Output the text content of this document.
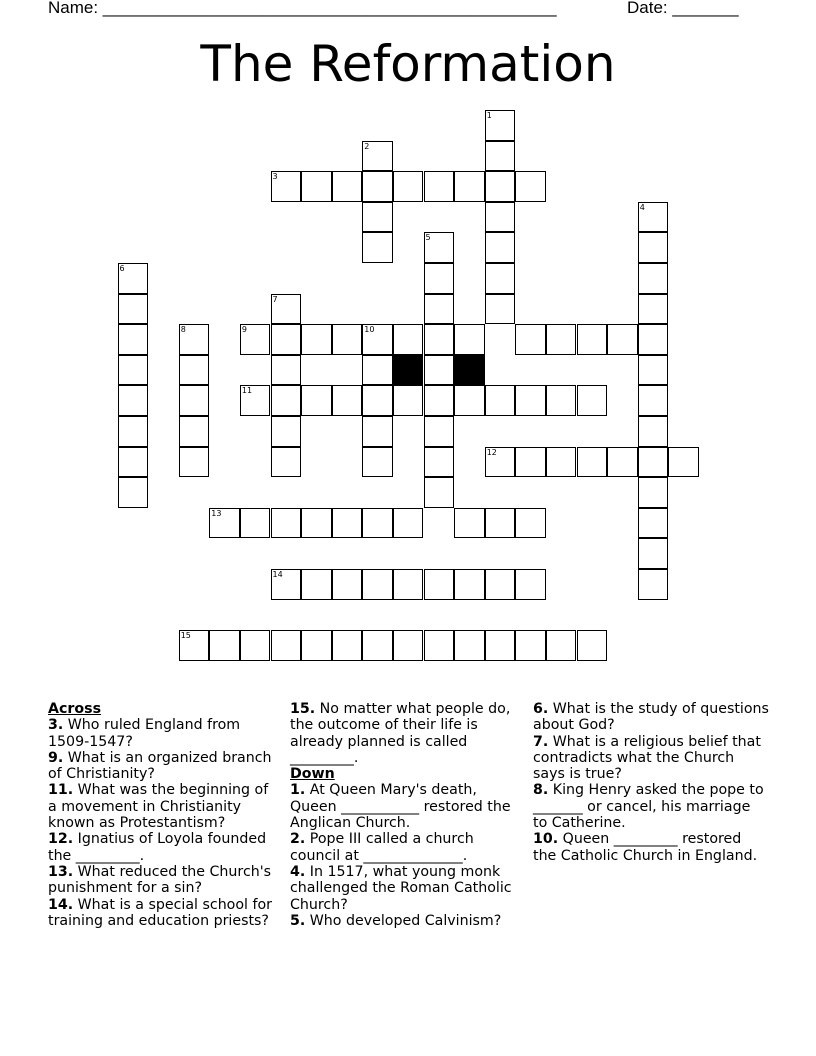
Name: ________________________________________________	Date: _______
The Reformation
1
2
3
4
5
6
7
8	9	10
11
12
13
14
15
Across
3. Who ruled England from 1509-1547?
9. What is an organized branch of Christianity?
11. What was the beginning of a movement in Christianity known as Protestantism?
12. Ignatius of Loyola founded the _________.
13. What reduced the Church's punishment for a sin?
14. What is a special school for training and education priests?
15. No matter what people do, the outcome of their life is already planned is called _________.
Down
1. At Queen Mary's death, Queen ___________ restored the Anglican Church.
2. Pope III called a church council at ______________.
4. In 1517, what young monk challenged the Roman Catholic Church?
5. Who developed Calvinism?
6. What is the study of questions about God?
7. What is a religious belief that contradicts what the Church says is true?
8. King Henry asked the pope to _______ or cancel, his marriage to Catherine.
10. Queen _________ restored the Catholic Church in England.
